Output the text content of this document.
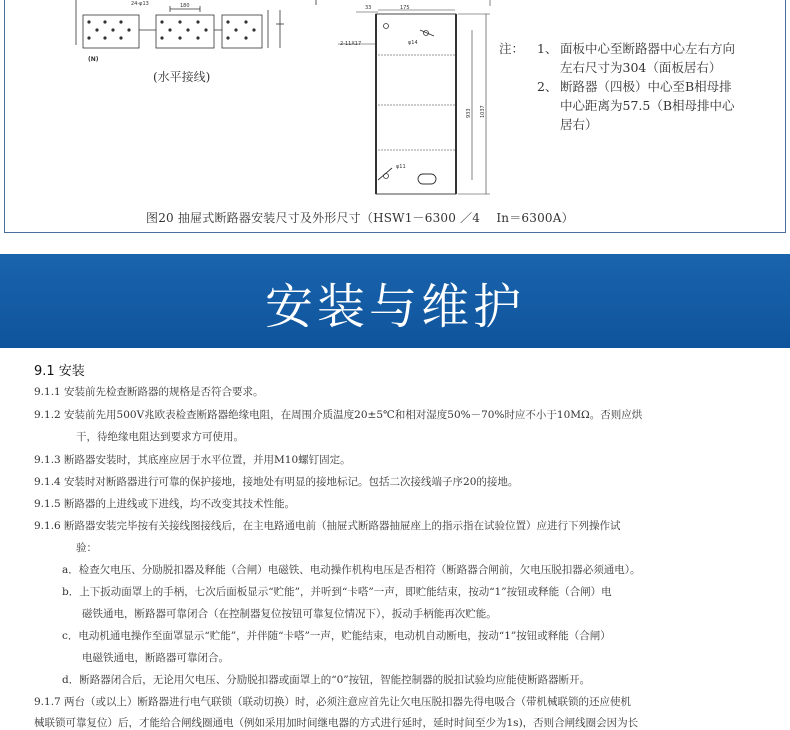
24-φ13	180
(N)
33	175
2-11X17	φ14
933 1037
φ11
(水平接线)
图20 抽屉式断路器安装尺寸及外形尺寸（HSW1－6300 ／4　 In＝6300A）
注： 1、 面板中心至断路器中心左右方向
左右尺寸为304（面板居右）
2、 断路器（四极）中心至B相母排
中心距离为57.5（B相母排中心
居右）
安装与维护
9.1 安装
9.1.1 安装前先检查断路器的规格是否符合要求。
9.1.2 安装前先用500V兆欧表检查断路器绝缘电阻，在周围介质温度20±5℃和相对湿度50%－70%时应不小于10MΩ。否则应烘
干，待绝缘电阻达到要求方可使用。
9.1.3 断路器安装时，其底座应居于水平位置，并用M10螺钉固定。
9.1.4 安装时对断路器进行可靠的保护接地，接地处有明显的接地标记。包括二次接线端子序20的接地。
9.1.5 断路器的上进线或下进线，均不改变其技术性能。
9.1.6 断路器安装完毕按有关接线图接线后，在主电路通电前（抽屉式断路器抽屉座上的指示指在试验位置）应进行下列操作试
验：
a．检查欠电压、分励脱扣器及释能（合闸）电磁铁、电动操作机构电压是否相符（断路器合闸前，欠电压脱扣器必须通电）。
b．上下扳动面罩上的手柄，七次后面板显示“贮能”，并听到“卡嗒”一声，即贮能结束，按动“1”按钮或释能（合闸）电
磁铁通电，断路器可靠闭合（在控制器复位按钮可靠复位情况下），扳动手柄能再次贮能。
c．电动机通电操作至面罩显示“贮能”，并伴随“卡嗒”一声，贮能结束，电动机自动断电，按动“1”按钮或释能（合闸）
电磁铁通电，断路器可靠闭合。
d．断路器闭合后，无论用欠电压、分励脱扣器或面罩上的“0”按钮，智能控制器的脱扣试验均应能使断路器断开。
9.1.7 两台（或以上）断路器进行电气联锁（联动切换）时，必须注意应首先让欠电压脱扣器先得电吸合（带机械联锁的还应使机
械联锁可靠复位）后，才能给合闸线圈通电（例如采用加时间继电器的方式进行延时，延时时间至少为1s)，否则合闸线圈会因为长
